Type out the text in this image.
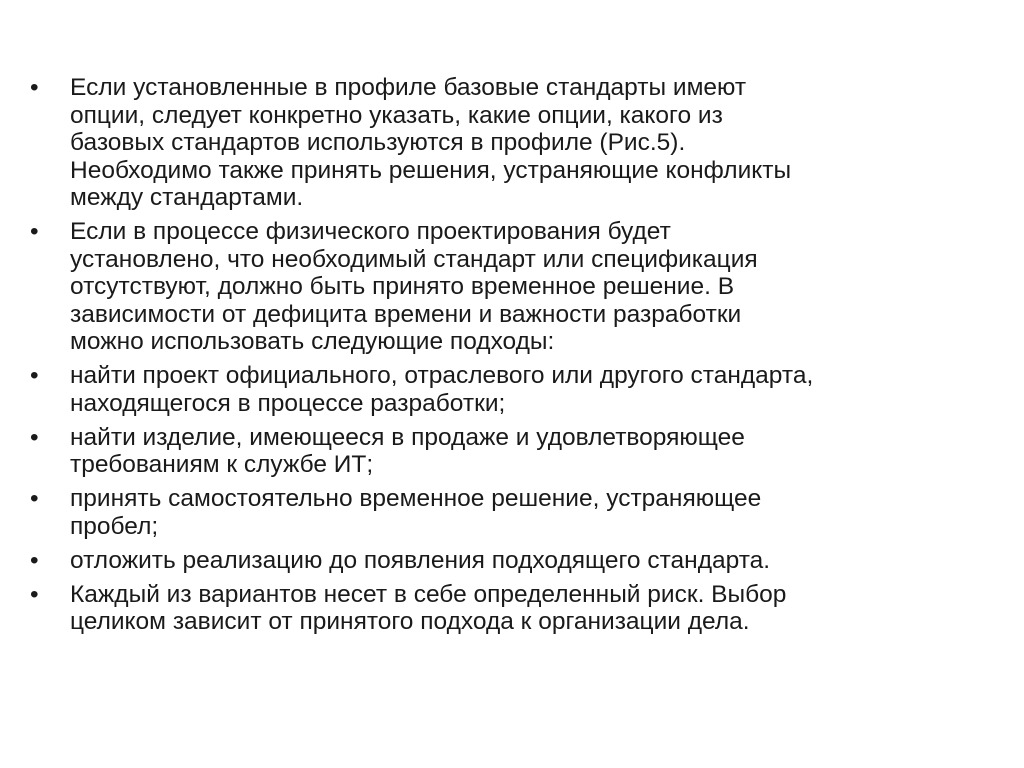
•	Если установленные в профиле базовые стандарты имеют
опции, следует конкретно указать, какие опции, какого из
базовых стандартов используются в профиле (Рис.5).
Необходимо также принять решения, устраняющие конфликты
между стандартами.
•	Если в процессе физического проектирования будет
установлено, что необходимый стандарт или спецификация
отсутствуют, должно быть принято временное решение. В
зависимости от дефицита времени и важности разработки
можно использовать следующие подходы:
•	найти проект официального, отраслевого или другого стандарта,
находящегося в процессе разработки;
•	найти изделие, имеющееся в продаже и удовлетворяющее
требованиям к службе ИТ;
•	принять самостоятельно временное решение, устраняющее
пробел;
•	отложить реализацию до появления подходящего стандарта.
•	Каждый из вариантов несет в себе определенный риск. Выбор
целиком зависит от принятого подхода к организации дела.
